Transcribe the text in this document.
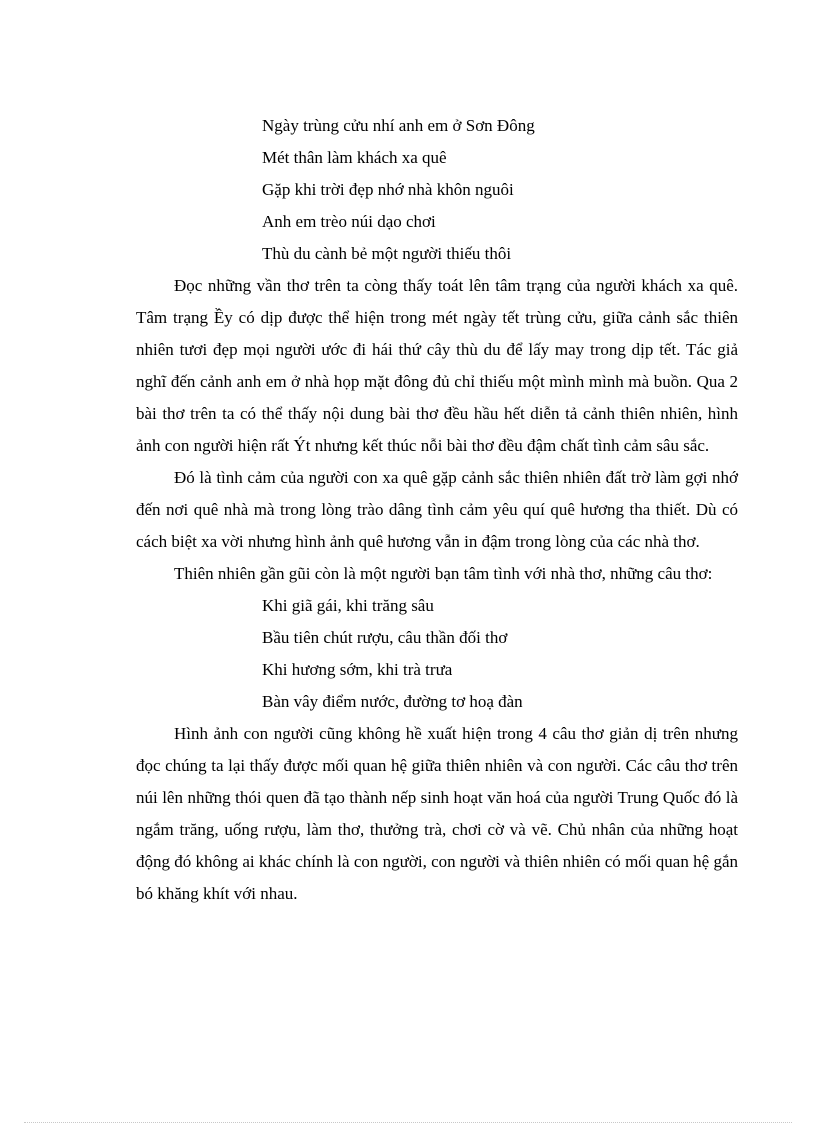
Ngày trùng cửu nhí anh em ở Sơn Đông
Mét thân làm khách xa quê
Gặp khi trời đẹp nhớ nhà khôn nguôi
Anh em trèo núi dạo chơi
Thù du cành bẻ một người thiếu thôi

Đọc những vần thơ trên ta còng thấy toát lên tâm trạng của người khách xa quê. Tâm trạng Ềy có dịp được thể hiện trong mét ngày tết trùng cửu, giữa cảnh sắc thiên nhiên tươi đẹp mọi người ước đi hái thứ cây thù du để lấy may trong dịp tết. Tác giả nghĩ đến cảnh anh em ở nhà họp mặt đông đủ chỉ thiếu một mình mình mà buồn. Qua 2 bài thơ trên ta có thể thấy nội dung bài thơ đều hầu hết diễn tả cảnh thiên nhiên, hình ảnh con người hiện rất Ýt nhưng kết thúc nỗi bài thơ đều đậm chất tình cảm sâu sắc.

Đó là tình cảm của người con xa quê gặp cảnh sắc thiên nhiên đất trờ làm gợi nhớ đến nơi quê nhà mà trong lòng trào dâng tình cảm yêu quí quê hương tha thiết. Dù có cách biệt xa vời nhưng hình ảnh quê hương vẫn in đậm trong lòng của các nhà thơ.

Thiên nhiên gần gũi còn là một người bạn tâm tình với nhà thơ, những câu thơ:

Khi giã gái, khi trăng sâu
Bầu tiên chút rượu, câu thần đối thơ
Khi hương sớm, khi trà trưa
Bàn vây điểm nước, đường tơ hoạ đàn

Hình ảnh con người cũng không hề xuất hiện trong 4 câu thơ giản dị trên nhưng đọc chúng ta lại thấy được mối quan hệ giữa thiên nhiên và con người. Các câu thơ trên núi lên những thói quen đã tạo thành nếp sinh hoạt văn hoá của người Trung Quốc đó là ngắm trăng, uống rượu, làm thơ, thưởng trà, chơi cờ và vẽ. Chủ nhân của những hoạt động đó không ai khác chính là con người, con người và thiên nhiên có mối quan hệ gắn bó khăng khít với nhau.
